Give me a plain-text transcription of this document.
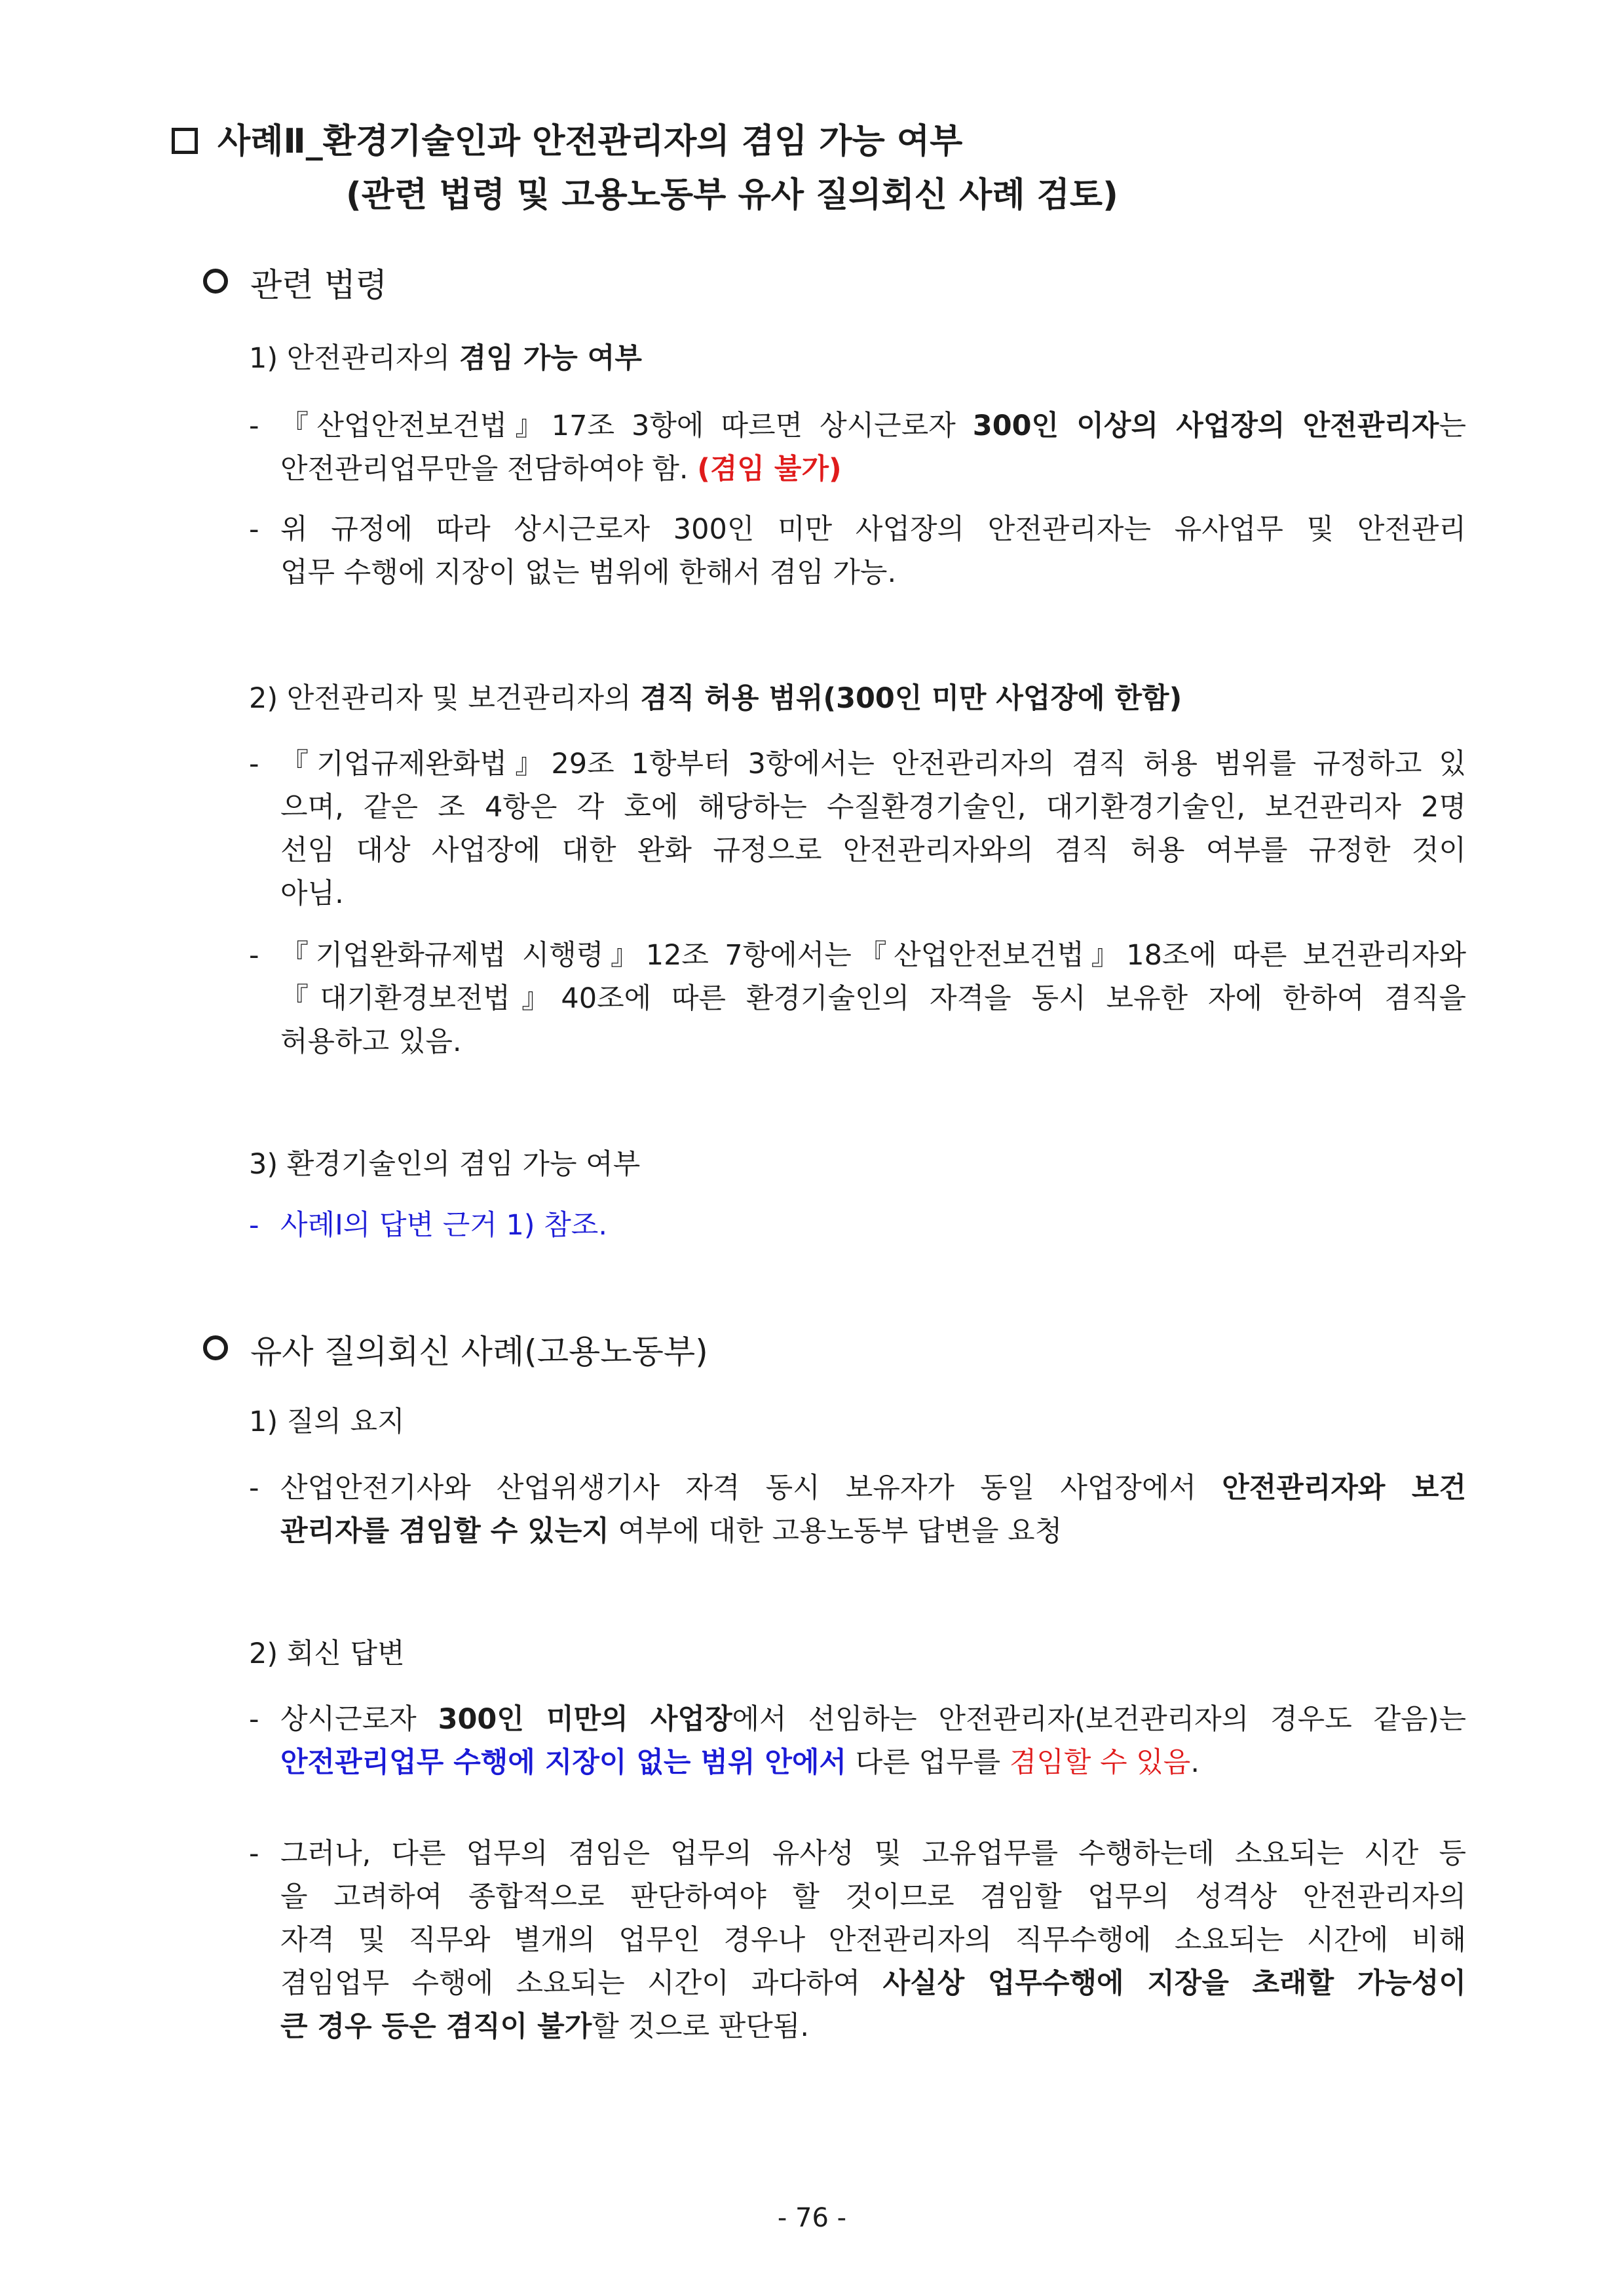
사례Ⅱ_환경기술인과 안전관리자의 겸임 가능 여부
(관련 법령 및 고용노동부 유사 질의회신 사례 검토)
관련 법령
1) 안전관리자의 겸임 가능 여부
- 『산업안전보건법』17조 3항에 따르면 상시근로자 300인 이상의 사업장의 안전관리자는
안전관리업무만을 전담하여야 함. (겸임 불가)
- 위 규정에 따라 상시근로자 300인 미만 사업장의 안전관리자는 유사업무 및 안전관리
업무 수행에 지장이 없는 범위에 한해서 겸임 가능.
2) 안전관리자 및 보건관리자의 겸직 허용 범위(300인 미만 사업장에 한함)
- 『기업규제완화법』29조 1항부터 3항에서는 안전관리자의 겸직 허용 범위를 규정하고 있
으며, 같은 조 4항은 각 호에 해당하는 수질환경기술인, 대기환경기술인, 보건관리자 2명
선임 대상 사업장에 대한 완화 규정으로 안전관리자와의 겸직 허용 여부를 규정한 것이
아님.
- 『기업완화규제법 시행령』12조 7항에서는『산업안전보건법』18조에 따른 보건관리자와
『대기환경보전법』40조에 따른 환경기술인의 자격을 동시 보유한 자에 한하여 겸직을
허용하고 있음.
3) 환경기술인의 겸임 가능 여부
- 사례Ⅰ의 답변 근거 1) 참조.
유사 질의회신 사례(고용노동부)
1) 질의 요지
- 산업안전기사와 산업위생기사 자격 동시 보유자가 동일 사업장에서 안전관리자와 보건
관리자를 겸임할 수 있는지 여부에 대한 고용노동부 답변을 요청
2) 회신 답변
- 상시근로자 300인 미만의 사업장에서 선임하는 안전관리자(보건관리자의 경우도 같음)는
안전관리업무 수행에 지장이 없는 범위 안에서 다른 업무를 겸임할 수 있음.
- 그러나, 다른 업무의 겸임은 업무의 유사성 및 고유업무를 수행하는데 소요되는 시간 등
을 고려하여 종합적으로 판단하여야 할 것이므로 겸임할 업무의 성격상 안전관리자의
자격 및 직무와 별개의 업무인 경우나 안전관리자의 직무수행에 소요되는 시간에 비해
겸임업무 수행에 소요되는 시간이 과다하여 사실상 업무수행에 지장을 초래할 가능성이
큰 경우 등은 겸직이 불가할 것으로 판단됨.
- 76 -
